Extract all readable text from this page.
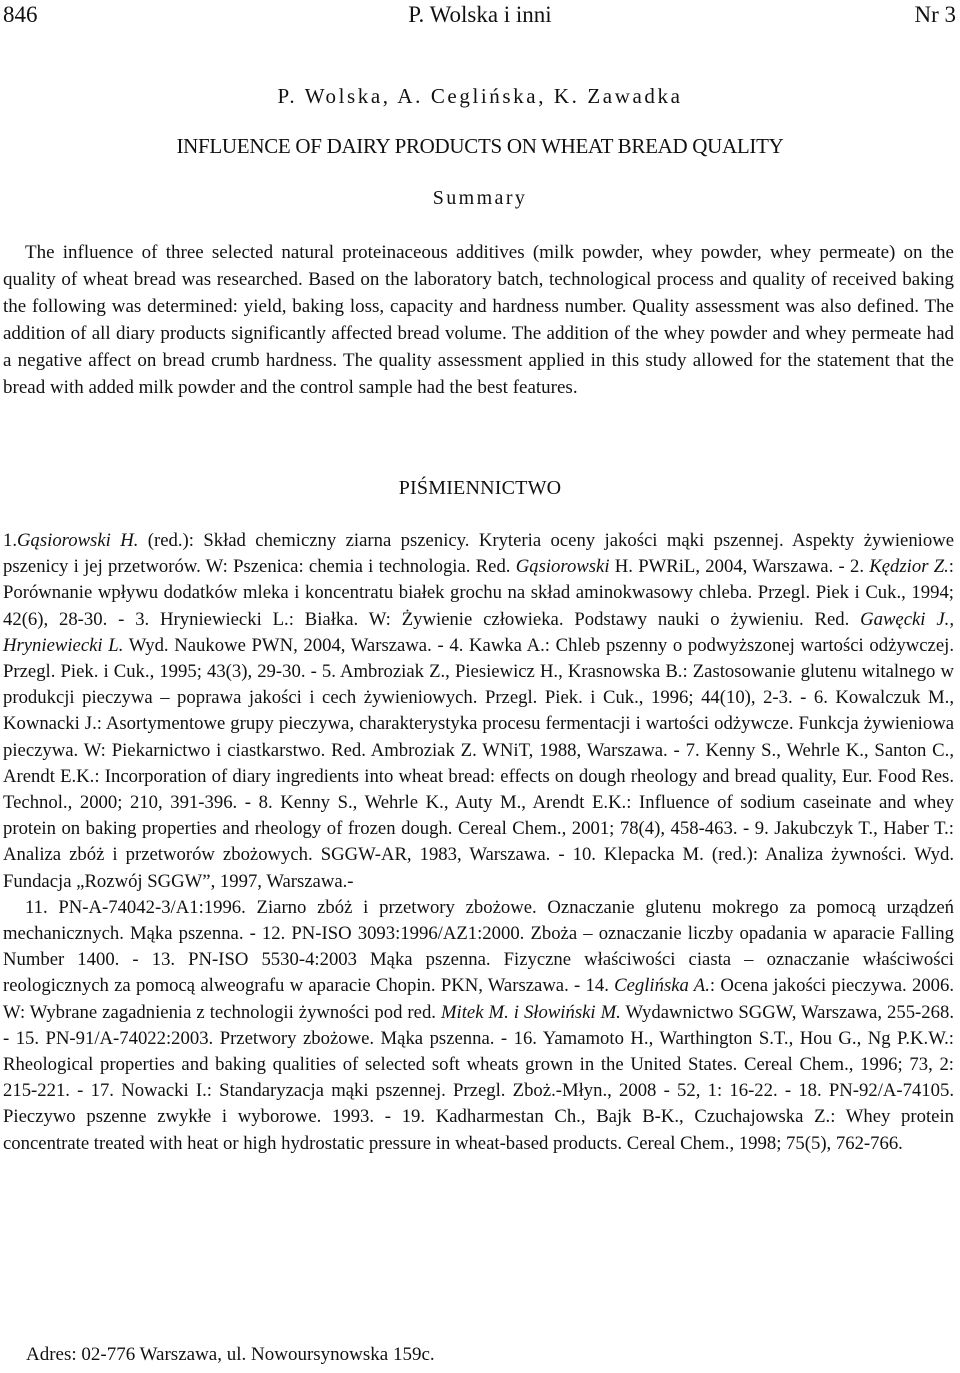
846	P. Wolska i inni	Nr 3
P. Wolska, A. Ceglińska, K. Zawadka
INFLUENCE OF DAIRY PRODUCTS ON WHEAT BREAD QUALITY
Summary

The influence of three selected natural proteinaceous additives (milk powder, whey powder, whey permeate) on the quality of wheat bread was researched. Based on the laboratory batch, technological process and quality of received baking the following was determined: yield, baking loss, capacity and hardness number. Quality assessment was also defined. The addition of all diary products significantly affected bread volume. The addition of the whey powder and whey permeate had a negative affect on bread crumb hardness. The quality assessment applied in this study allowed for the statement that the bread with added milk powder and the control sample had the best features.

PIŚMIENNICTWO

1.Gąsiorowski H. (red.): Skład chemiczny ziarna pszenicy. Kryteria oceny jakości mąki pszennej. Aspekty żywieniowe pszenicy i jej przetworów. W: Pszenica: chemia i technologia. Red. Gąsiorowski H. PWRiL, 2004, Warszawa. - 2. Kędzior Z.: Porównanie wpływu dodatków mleka i koncentratu białek grochu na skład aminokwasowy chleba. Przegl. Piek i Cuk., 1994; 42(6), 28-30. - 3. Hryniewiecki L.: Białka. W: Żywienie człowieka. Podstawy nauki o żywieniu. Red. Gawęcki J., Hryniewiecki L. Wyd. Naukowe PWN, 2004, Warszawa. - 4. Kawka A.: Chleb pszenny o podwyższonej wartości odżywczej. Przegl. Piek. i Cuk., 1995; 43(3), 29-30. - 5. Ambroziak Z., Piesiewicz H., Krasnowska B.: Zastosowanie glutenu witalnego w produkcji pieczywa – poprawa jakości i cech żywieniowych. Przegl. Piek. i Cuk., 1996; 44(10), 2-3. - 6. Kowalczuk M., Kownacki J.: Asortymentowe grupy pieczywa, charakterystyka procesu fermentacji i wartości odżywcze. Funkcja żywieniowa pieczywa. W: Piekarnictwo i ciastkarstwo. Red. Ambroziak Z. WNiT, 1988, Warszawa. - 7. Kenny S., Wehrle K., Santon C., Arendt E.K.: Incorporation of diary ingredients into wheat bread: effects on dough rheology and bread quality, Eur. Food Res. Technol., 2000; 210, 391-396. - 8. Kenny S., Wehrle K., Auty M., Arendt E.K.: Influence of sodium caseinate and whey protein on baking properties and rheology of frozen dough. Cereal Chem., 2001; 78(4), 458-463. - 9. Jakubczyk T., Haber T.: Analiza zbóż i przetworów zbożowych. SGGW-AR, 1983, Warszawa. - 10. Klepacka M. (red.): Analiza żywności. Wyd. Fundacja „Rozwój SGGW”, 1997, Warszawa.-
11. PN-A-74042-3/A1:1996. Ziarno zbóż i przetwory zbożowe. Oznaczanie glutenu mokrego za pomocą urządzeń mechanicznych. Mąka pszenna. - 12. PN-ISO 3093:1996/AZ1:2000. Zboża – oznaczanie liczby opadania w aparacie Falling Number 1400. - 13. PN-ISO 5530-4:2003 Mąka pszenna. Fizyczne właściwości ciasta – oznaczanie właściwości reologicznych za pomocą alweografu w aparacie Chopin. PKN, Warszawa. - 14. Ceglińska A.: Ocena jakości pieczywa. 2006. W: Wybrane zagadnienia z technologii żywności pod red. Mitek M. i Słowiński M. Wydawnictwo SGGW, Warszawa, 255-268. - 15. PN-91/A-74022:2003. Przetwory zbożowe. Mąka pszenna. - 16. Yamamoto H., Warthington S.T., Hou G., Ng P.K.W.: Rheological properties and baking qualities of selected soft wheats grown in the United States. Cereal Chem., 1996; 73, 2: 215-221. - 17. Nowacki I.: Standaryzacja mąki pszennej. Przegl. Zboż.-Młyn., 2008 - 52, 1: 16-22. - 18. PN-92/A-74105. Pieczywo pszenne zwykłe i wyborowe. 1993. - 19. Kadharmestan Ch., Bajk B-K., Czuchajowska Z.: Whey protein concentrate treated with heat or high hydrostatic pressure in wheat-based products. Cereal Chem., 1998; 75(5), 762-766.

Adres: 02-776 Warszawa, ul. Nowoursynowska 159c.
